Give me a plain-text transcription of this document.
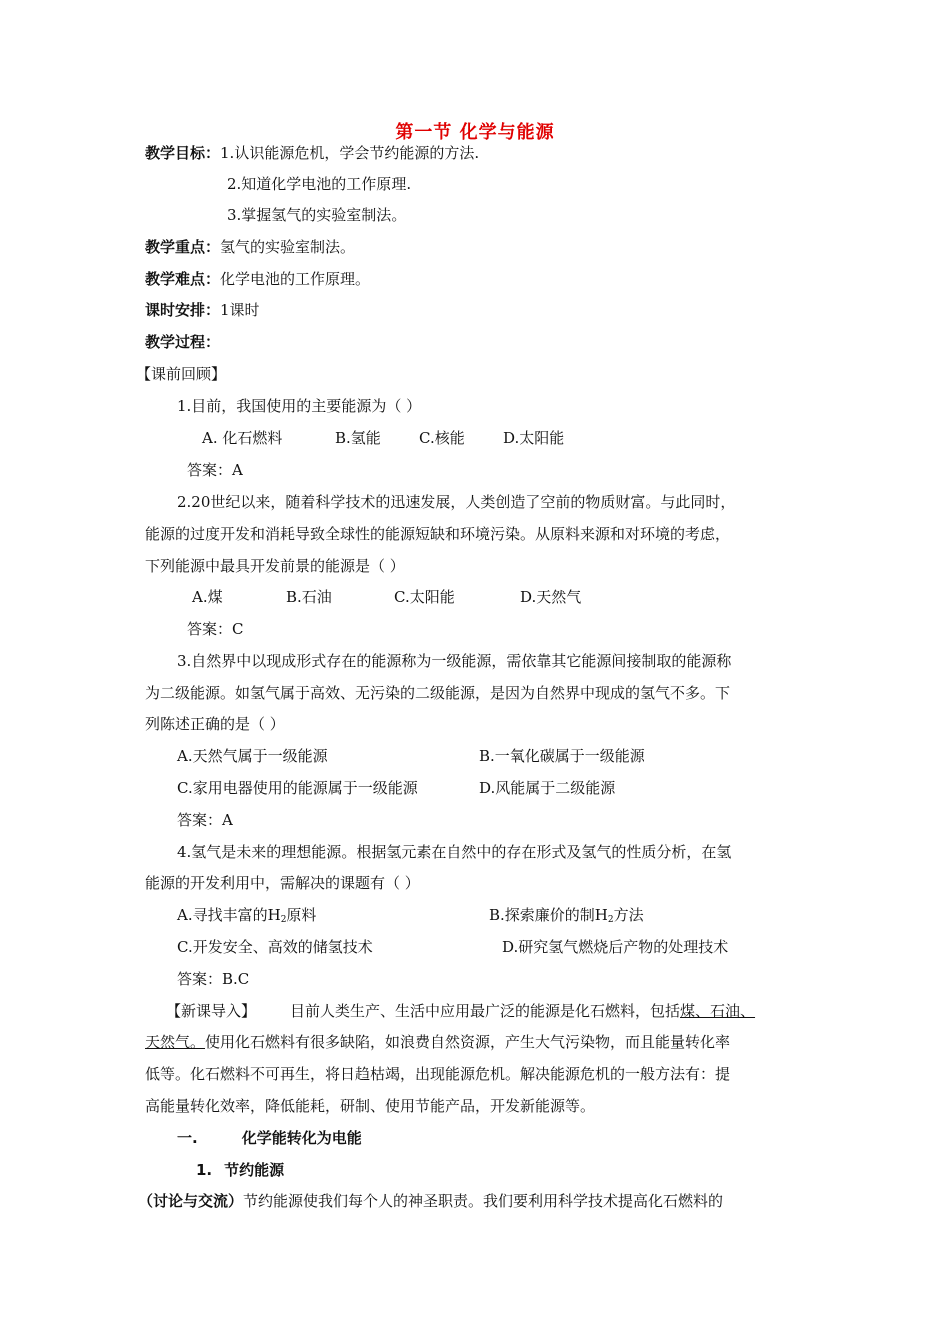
第一节 化学与能源
教学目标：1.认识能源危机，学会节约能源的方法.
2.知道化学电池的工作原理.
3.掌握氢气的实验室制法。
教学重点：氢气的实验室制法。
教学难点：化学电池的工作原理。
课时安排：1课时
教学过程：
【课前回顾】
1.目前，我国使用的主要能源为（ ）
A. 化石燃料	B.氢能	C.核能	D.太阳能
答案：A
2.20世纪以来，随着科学技术的迅速发展，人类创造了空前的物质财富。与此同时，
能源的过度开发和消耗导致全球性的能源短缺和环境污染。从原料来源和对环境的考虑，
下列能源中最具开发前景的能源是（ ）
A.煤	B.石油	C.太阳能	D.天然气
答案：C
3.自然界中以现成形式存在的能源称为一级能源，需依靠其它能源间接制取的能源称
为二级能源。如氢气属于高效、无污染的二级能源，是因为自然界中现成的氢气不多。下
列陈述正确的是（ ）
A.天然气属于一级能源	B.一氧化碳属于一级能源
C.家用电器使用的能源属于一级能源	D.风能属于二级能源
答案：A
4.氢气是未来的理想能源。根据氢元素在自然中的存在形式及氢气的性质分析，在氢
能源的开发利用中，需解决的课题有（ ）
A.寻找丰富的$H_2$原料	B.探索廉价的制$H_2$方法
C.开发安全、高效的储氢技术	D.研究氢气燃烧后产物的处理技术
答案：B.C
【新课导入】 目前人类生产、生活中应用最广泛的能源是化石燃料，包括煤、石油、
天然气。使用化石燃料有很多缺陷，如浪费自然资源，产生大气污染物，而且能量转化率
低等。化石燃料不可再生，将日趋枯竭，出现能源危机。解决能源危机的一般方法有：提
高能量转化效率，降低能耗，研制、使用节能产品，开发新能源等。
一.	化学能转化为电能
1. 节约能源
（讨论与交流）节约能源使我们每个人的神圣职责。我们要利用科学技术提高化石燃料的
